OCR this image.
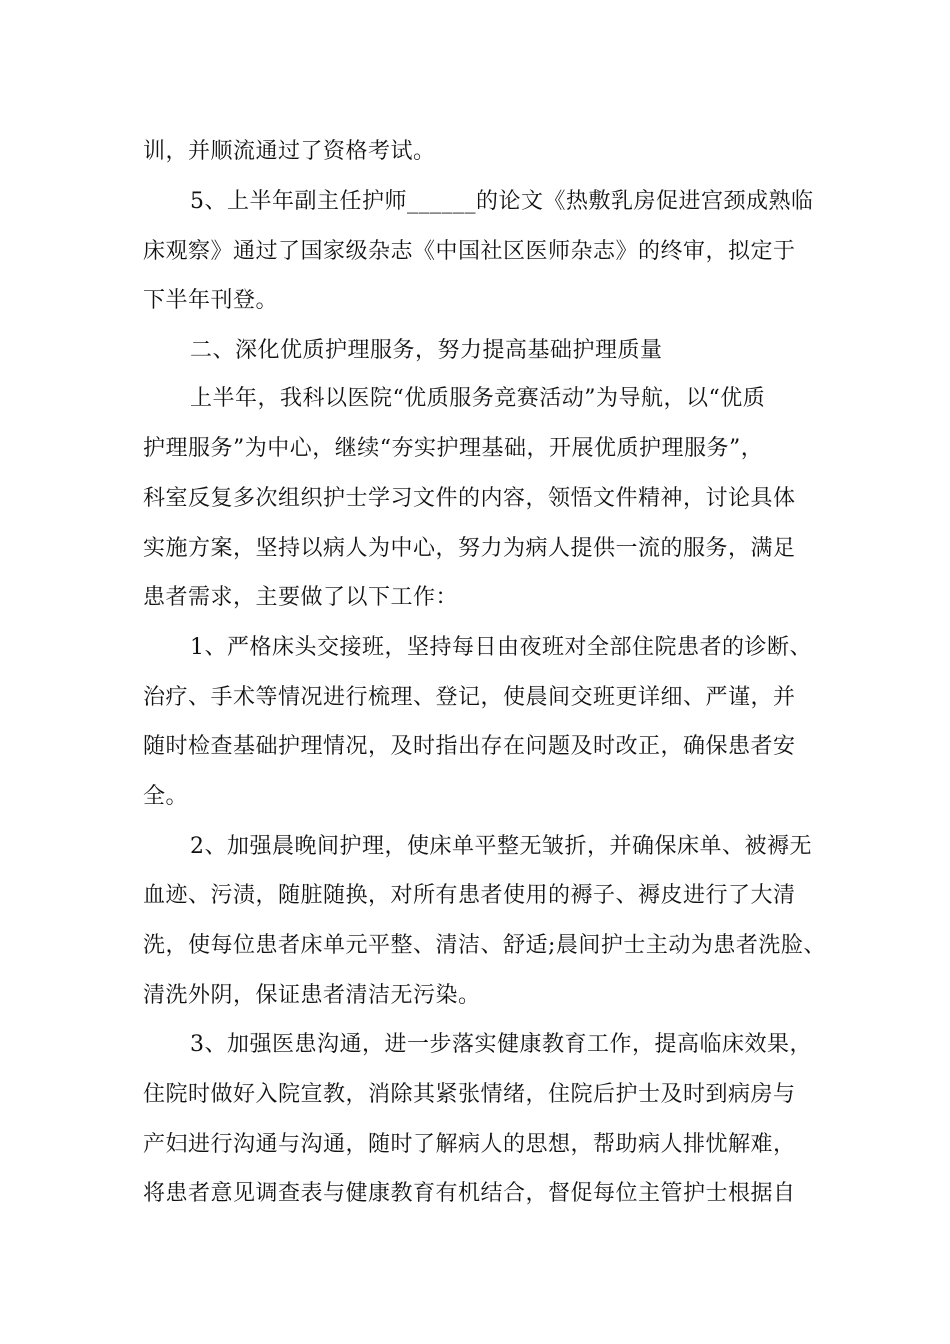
训，并顺流通过了资格考试。
5、上半年副主任护师______的论文《热敷乳房促进宫颈成熟临
床观察》通过了国家级杂志《中国社区医师杂志》的终审，拟定于
下半年刊登。
二、深化优质护理服务，努力提高基础护理质量
上半年，我科以医院“优质服务竞赛活动”为导航，以“优质
护理服务”为中心，继续“夯实护理基础，开展优质护理服务”，
科室反复多次组织护士学习文件的内容，领悟文件精神，讨论具体
实施方案，坚持以病人为中心，努力为病人提供一流的服务，满足
患者需求，主要做了以下工作：
1、严格床头交接班，坚持每日由夜班对全部住院患者的诊断、
治疗、手术等情况进行梳理、登记，使晨间交班更详细、严谨，并
随时检查基础护理情况，及时指出存在问题及时改正，确保患者安
全。
2、加强晨晚间护理，使床单平整无皱折，并确保床单、被褥无
血迹、污渍，随脏随换，对所有患者使用的褥子、褥皮进行了大清
洗，使每位患者床单元平整、清洁、舒适;晨间护士主动为患者洗脸、
清洗外阴，保证患者清洁无污染。
3、加强医患沟通，进一步落实健康教育工作，提高临床效果，
住院时做好入院宣教，消除其紧张情绪，住院后护士及时到病房与
产妇进行沟通与沟通，随时了解病人的思想，帮助病人排忧解难，
将患者意见调查表与健康教育有机结合，督促每位主管护士根据自
